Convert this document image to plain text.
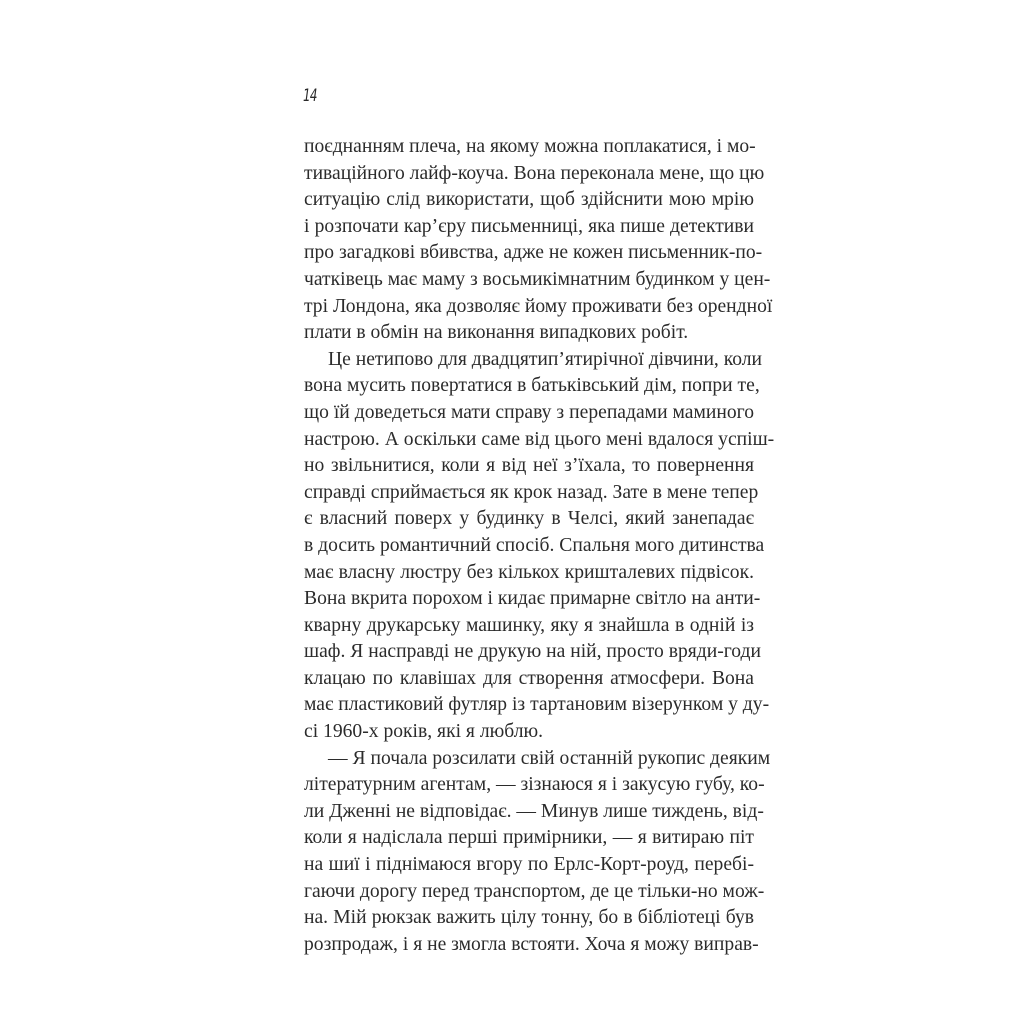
14
поєднанням плеча, на якому можна поплакатися, і мо-
тиваційного лайф-коуча. Вона переконала мене, що цю
ситуацію слід використати, щоб здійснити мою мрію
і розпочати кар’єру письменниці, яка пише детективи
про загадкові вбивства, адже не кожен письменник-по-
чатківець має маму з восьмикімнатним будинком у цен-
трі Лондона, яка дозволяє йому проживати без орендної
плати в обмін на виконання випадкових робіт.
Це нетипово для двадцятип’ятирічної дівчини, коли
вона мусить повертатися в батьківський дім, попри те,
що їй доведеться мати справу з перепадами маминого
настрою. А оскільки саме від цього мені вдалося успіш-
но звільнитися, коли я від неї з’їхала, то повернення
справді сприймається як крок назад. Зате в мене тепер
є власний поверх у будинку в Челсі, який занепадає
в досить романтичний спосіб. Спальня мого дитинства
має власну люстру без кількох кришталевих підвісок.
Вона вкрита порохом і кидає примарне світло на анти-
кварну друкарську машинку, яку я знайшла в одній із
шаф. Я насправді не друкую на ній, просто вряди-годи
клацаю по клавішах для створення атмосфери. Вона
має пластиковий футляр із тартановим візерунком у ду-
сі 1960-х років, які я люблю.
— Я почала розсилати свій останній рукопис деяким
літературним агентам, — зізнаюся я і закусую губу, ко-
ли Дженні не відповідає. — Минув лише тиждень, від-
коли я надіслала перші примірники, — я витираю піт
на шиї і піднімаюся вгору по Ерлс-Корт-роуд, перебі-
гаючи дорогу перед транспортом, де це тільки-но мож-
на. Мій рюкзак важить цілу тонну, бо в бібліотеці був
розпродаж, і я не змогла встояти. Хоча я можу виправ-
